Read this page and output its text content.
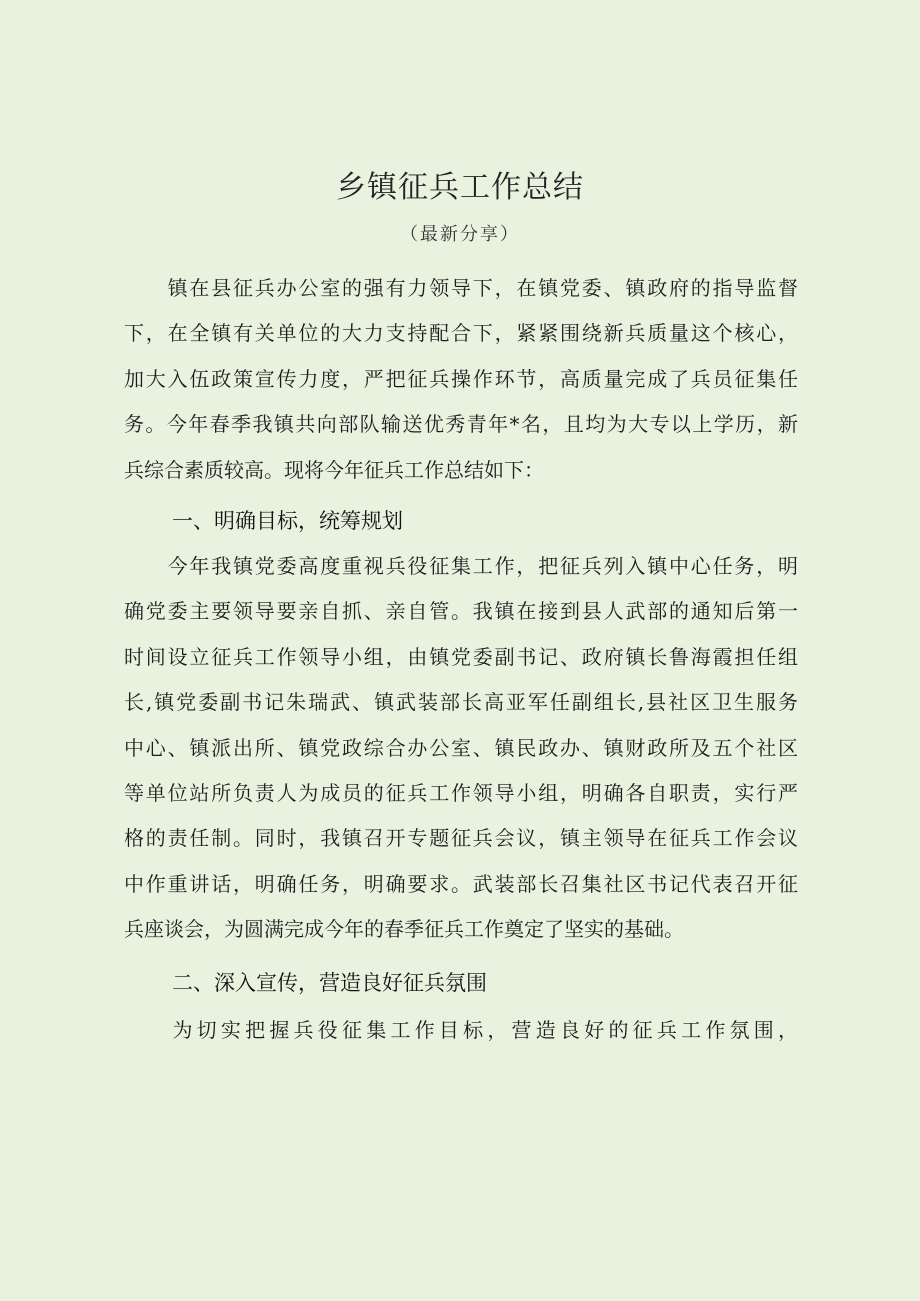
乡镇征兵工作总结
（最新分享）
　　镇在县征兵办公室的强有力领导下，在镇党委、镇政府的指导监督
下，在全镇有关单位的大力支持配合下，紧紧围绕新兵质量这个核心，
加大入伍政策宣传力度，严把征兵操作环节，高质量完成了兵员征集任
务。今年春季我镇共向部队输送优秀青年*名，且均为大专以上学历，新
兵综合素质较高。现将今年征兵工作总结如下：
一、明确目标，统筹规划
　　今年我镇党委高度重视兵役征集工作，把征兵列入镇中心任务，明
确党委主要领导要亲自抓、亲自管。我镇在接到县人武部的通知后第一
时间设立征兵工作领导小组，由镇党委副书记、政府镇长鲁海霞担任组
长,镇党委副书记朱瑞武、镇武装部长高亚军任副组长,县社区卫生服务
中心、镇派出所、镇党政综合办公室、镇民政办、镇财政所及五个社区
等单位站所负责人为成员的征兵工作领导小组，明确各自职责，实行严
格的责任制。同时，我镇召开专题征兵会议，镇主领导在征兵工作会议
中作重讲话，明确任务，明确要求。武装部长召集社区书记代表召开征
兵座谈会，为圆满完成今年的春季征兵工作奠定了坚实的基础。
二、深入宣传，营造良好征兵氛围
　　为切实把握兵役征集工作目标，营造良好的征兵工作氛围，
